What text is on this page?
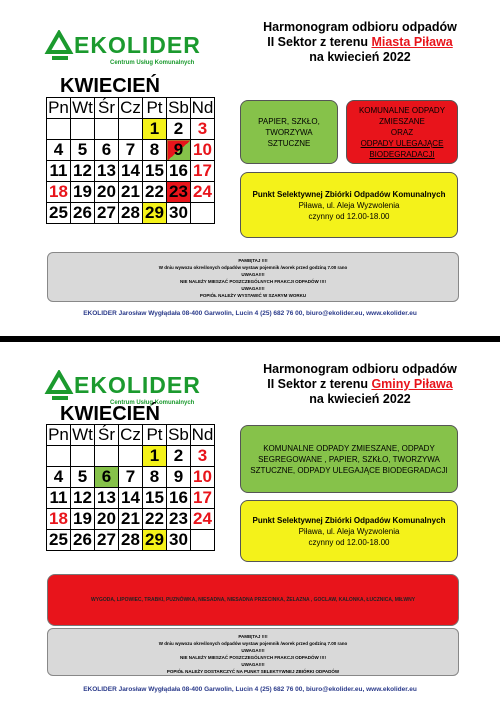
EKOLIDER
Centrum Usług Komunalnych
Harmonogram odbioru odpadów
II Sektor z terenu Miasta Piława
na kwiecień 2022
KWIECIEŃ
Pn	Wt	Śr	Cz	Pt	Sb	Nd
				1	2	3
4	5	6	7	8	9	10
11	12	13	14	15	16	17
18	19	20	21	22	23	24
25	26	27	28	29	30	
PAPIER, SZKŁO, TWORZYWA SZTUCZNE
KOMUNALNE ODPADY ZMIESZANE
ORAZ
ODPADY ULEGAJĄCE BIODEGRADACJI
Punkt Selektywnej Zbiórki Odpadów Komunalnych
Piława, ul. Aleja Wyzwolenia
czynny od 12.00-18.00
PAMIĘTAJ !!!!
W dniu wywozu określonych odpadów wystaw pojemnik /worek przed godziną 7.00 rano
UWAGA!!!!
NIE NALEŻY MIESZAĆ POSZCZEGÓLNYCH FRAKCJI ODPADÓW !!!!
UWAGA!!!!
POPIÓŁ NALEŻY WYSTAWIĆ W SZARYM WORKU
EKOLIDER Jarosław Wygłądała 08-400 Garwolin, Lucin 4 (25) 682 76 00, biuro@ekolider.eu, www.ekolider.eu
EKOLIDER
Centrum Usług Komunalnych
Harmonogram odbioru odpadów
II Sektor z terenu Gminy Piława
na kwiecień 2022
KWIECIEŃ
Pn	Wt	Śr	Cz	Pt	Sb	Nd
				1	2	3
4	5	6	7	8	9	10
11	12	13	14	15	16	17
18	19	20	21	22	23	24
25	26	27	28	29	30	
KOMUNALNE ODPADY ZMIESZANE, ODPADY SEGREGOWANE , PAPIER, SZKŁO, TWORZYWA SZTUCZNE, ODPADY ULEGAJĄCE BIODEGRADACJI
Punkt Selektywnej Zbiórki Odpadów Komunalnych
Piława, ul. Aleja Wyzwolenia
czynny od 12.00-18.00
WYGODA, LIPOWIEC, TRABKI, PUZNÓWKA, NIESADNA, NIESADNA PRZECINKA, ŻELAZNA , GOCLAW, KALONKA, ŁUCZNICA, MIŁWNY
PAMIĘTAJ !!!!
W dniu wywozu określonych odpadów wystaw pojemnik /worek przed godziną 7.00 rano
UWAGA!!!!
NIE NALEŻY MIESZAĆ POSZCZEGÓLNYCH FRAKCJI ODPADÓW !!!!
UWAGA!!!!
POPIÓŁ NALEŻY DOSTARCZYĆ NA PUNKT SELEKTYWNEJ ZBIÓRKI ODPADÓW
EKOLIDER Jarosław Wygłądała 08-400 Garwolin, Lucin 4 (25) 682 76 00, biuro@ekolider.eu, www.ekolider.eu
